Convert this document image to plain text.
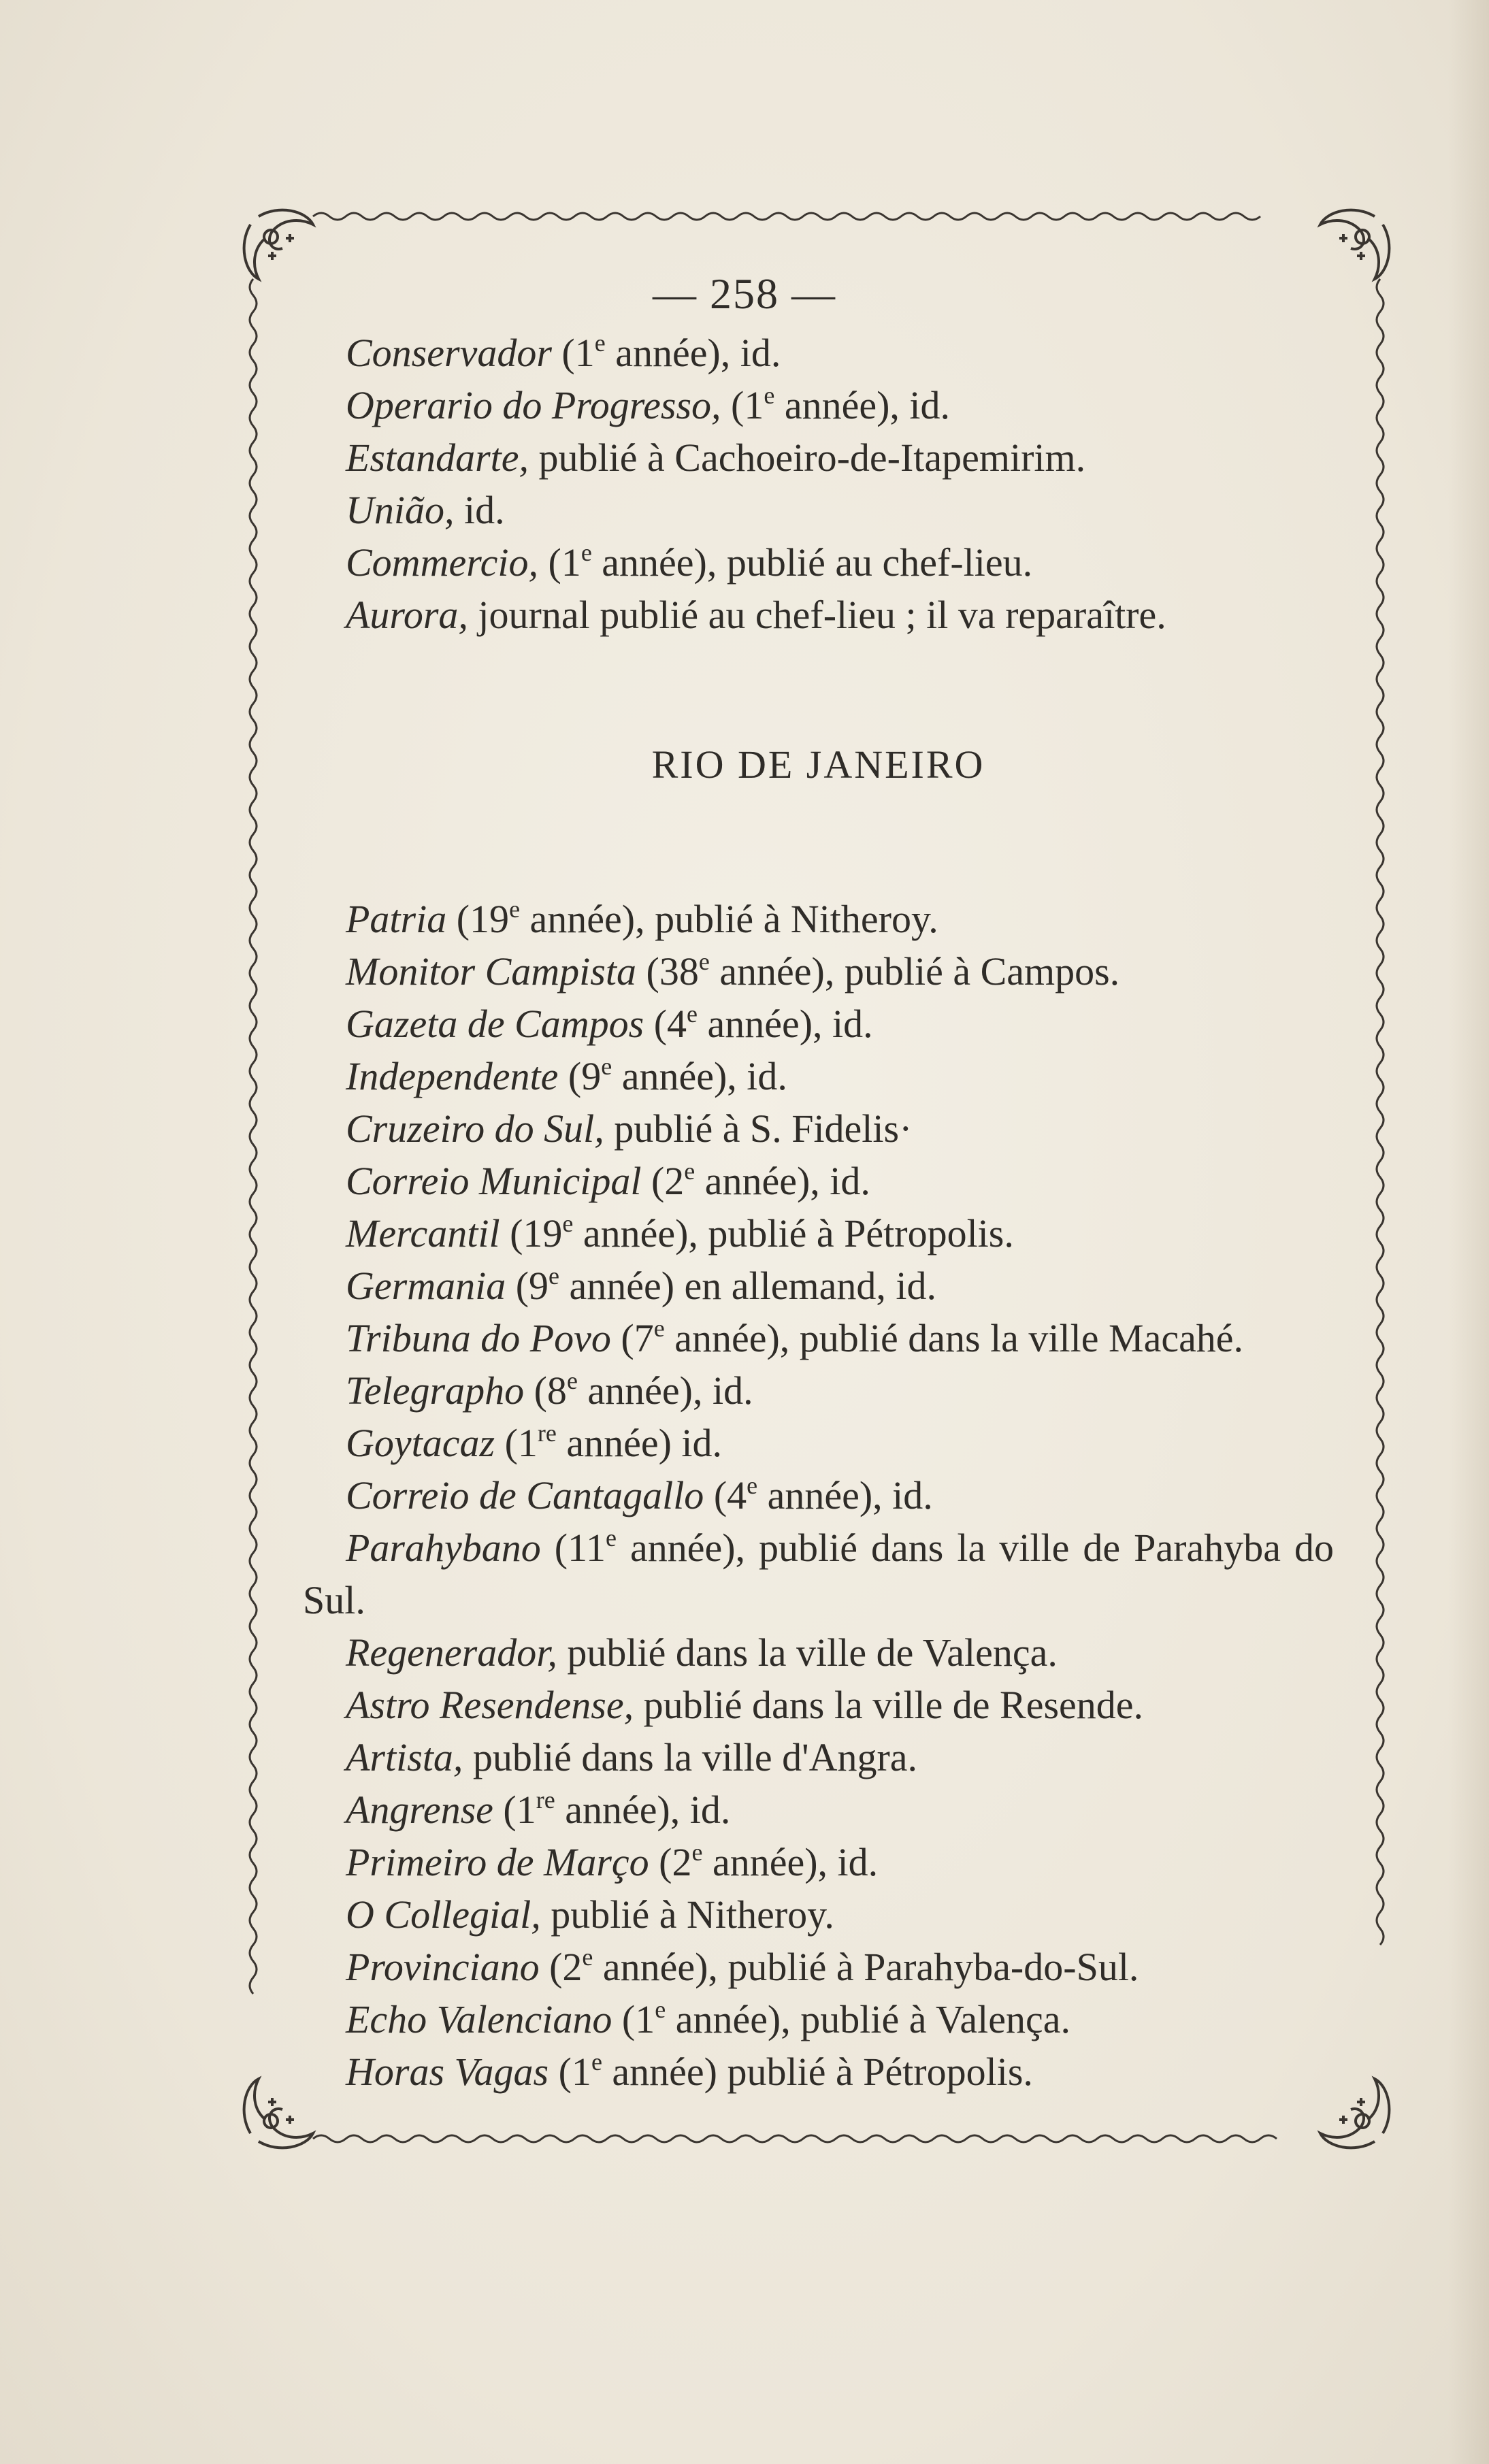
— 258 —
Conservador (1e année), id.
Operario do Progresso, (1e année), id.
Estandarte, publié à Cachoeiro-de-Itapemirim.
União, id.
Commercio, (1e année), publié au chef-lieu.
Aurora, journal publié au chef-lieu ; il va reparaître.
RIO DE JANEIRO
Patria (19e année), publié à Nitheroy.
Monitor Campista (38e année), publié à Campos.
Gazeta de Campos (4e année), id.
Independente (9e année), id.
Cruzeiro do Sul, publié à S. Fidelis·
Correio Municipal (2e année), id.
Mercantil (19e année), publié à Pétropolis.
Germania (9e année) en allemand, id.
Tribuna do Povo (7e année), publié dans la ville Macahé.
Telegrapho (8e année), id.
Goytacaz (1re année) id.
Correio de Cantagallo (4e année), id.
Parahybano (11e année), publié dans la ville de Parahyba do Sul.
Regenerador, publié dans la ville de Valença.
Astro Resendense, publié dans la ville de Resende.
Artista, publié dans la ville d'Angra.
Angrense (1re année), id.
Primeiro de Março (2e année), id.
O Collegial, publié à Nitheroy.
Provinciano (2e année), publié à Parahyba-do-Sul.
Echo Valenciano (1e année), publié à Valença.
Horas Vagas (1e année) publié à Pétropolis.
